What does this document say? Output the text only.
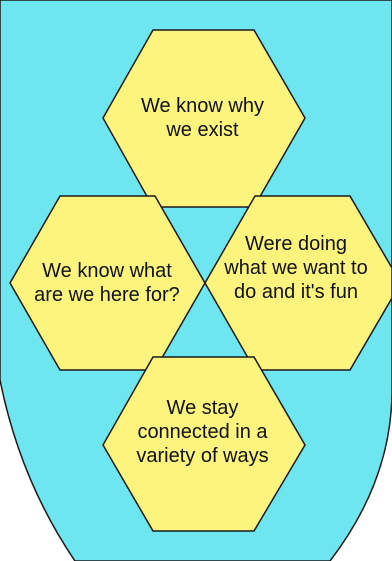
We know why
we exist
We know what
are we here for?
Were doing
what we want to
do and it's fun
We stay
connected in a
variety of ways
